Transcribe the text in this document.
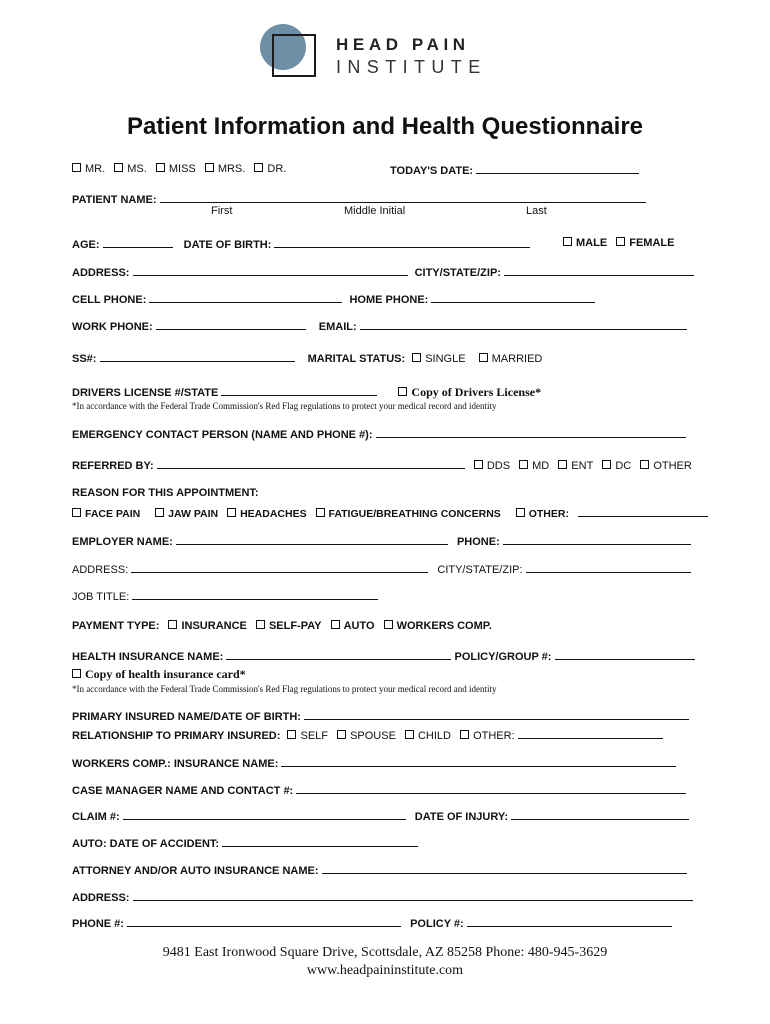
HEAD PAIN
INSTITUTE
Patient Information and Health Questionnaire
MR. MS. MISS MRS. DR.	TODAY'S DATE:
PATIENT NAME:
First	Middle Initial	Last
AGE:	DATE OF BIRTH:	MALE FEMALE
ADDRESS:	CITY/STATE/ZIP:
CELL PHONE:	HOME PHONE:
WORK PHONE:	EMAIL:
SS#:	MARITAL STATUS: SINGLE MARRIED
DRIVERS LICENSE #/STATE	Copy of Drivers License*
*In accordance with the Federal Trade Commission's Red Flag regulations to protect your medical record and identity
EMERGENCY CONTACT PERSON (NAME AND PHONE #):
REFERRED BY:	DDS MD ENT DC OTHER
REASON FOR THIS APPOINTMENT:
FACE PAIN	JAW PAIN HEADACHES FATIGUE/BREATHING CONCERNS	OTHER:
EMPLOYER NAME:	PHONE:
ADDRESS:	CITY/STATE/ZIP:
JOB TITLE:
PAYMENT TYPE: INSURANCE SELF-PAY AUTO WORKERS COMP.
HEALTH INSURANCE NAME:	POLICY/GROUP #:
Copy of health insurance card*
*In accordance with the Federal Trade Commission's Red Flag regulations to protect your medical record and identity
PRIMARY INSURED NAME/DATE OF BIRTH:
RELATIONSHIP TO PRIMARY INSURED: SELF SPOUSE CHILD OTHER:
WORKERS COMP.: INSURANCE NAME:
CASE MANAGER NAME AND CONTACT #:
CLAIM #:	DATE OF INJURY:
AUTO: DATE OF ACCIDENT:
ATTORNEY AND/OR AUTO INSURANCE NAME:
ADDRESS:
PHONE #:	POLICY #:
9481 East Ironwood Square Drive, Scottsdale, AZ 85258 Phone: 480-945-3629
www.headpaininstitute.com
